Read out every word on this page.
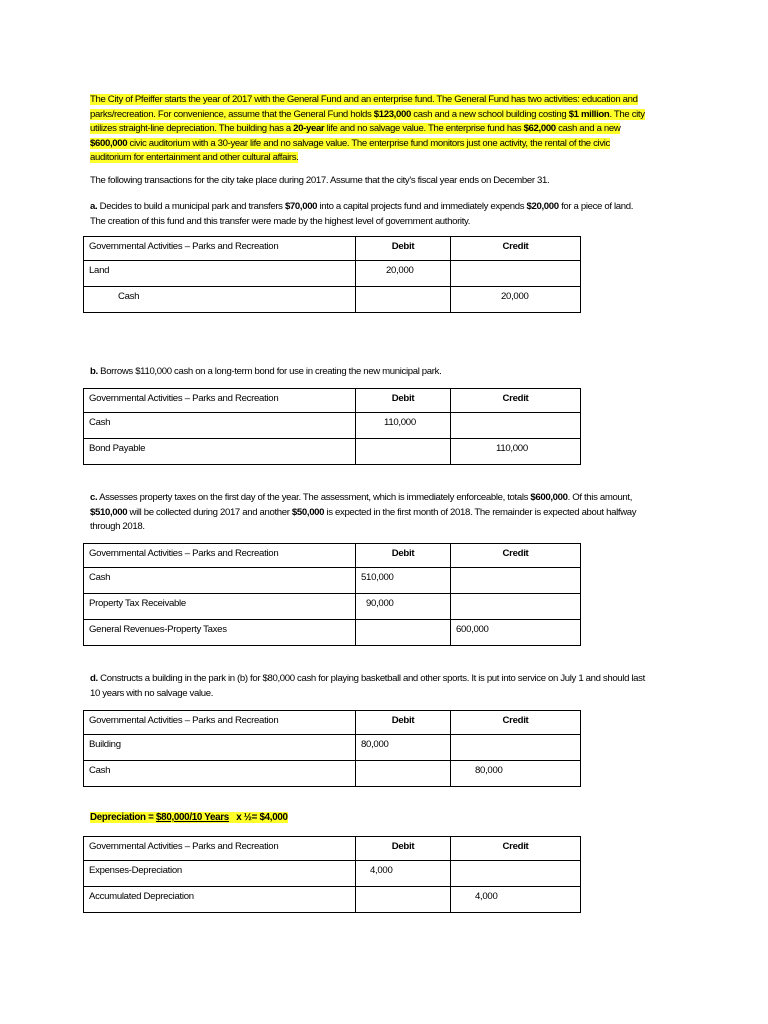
The City of Pfeiffer starts the year of 2017 with the General Fund and an enterprise fund. The General Fund has two activities: education and
parks/recreation. For convenience, assume that the General Fund holds $123,000 cash and a new school building costing $1 million. The city
utilizes straight-line depreciation. The building has a 20-year life and no salvage value. The enterprise fund has $62,000 cash and a new
$600,000 civic auditorium with a 30-year life and no salvage value. The enterprise fund monitors just one activity, the rental of the civic
auditorium for entertainment and other cultural affairs.
The following transactions for the city take place during 2017. Assume that the city's fiscal year ends on December 31.
a. Decides to build a municipal park and transfers $70,000 into a capital projects fund and immediately expends $20,000 for a piece of land.
The creation of this fund and this transfer were made by the highest level of government authority.
Governmental Activities – Parks and Recreation	Debit	Credit
Land	20,000	
Cash		20,000
b. Borrows $110,000 cash on a long-term bond for use in creating the new municipal park.
Governmental Activities – Parks and Recreation	Debit	Credit
Cash	110,000	
Bond Payable		110,000
c. Assesses property taxes on the first day of the year. The assessment, which is immediately enforceable, totals $600,000. Of this amount,
$510,000 will be collected during 2017 and another $50,000 is expected in the first month of 2018. The remainder is expected about halfway
through 2018.
Governmental Activities – Parks and Recreation	Debit	Credit
Cash	510,000	
Property Tax Receivable	90,000	
General Revenues-Property Taxes		600,000
d. Constructs a building in the park in (b) for $80,000 cash for playing basketball and other sports. It is put into service on July 1 and should last
10 years with no salvage value.
Governmental Activities – Parks and Recreation	Debit	Credit
Building	80,000	
Cash		80,000
Depreciation = $80,000/10 Years   x ½= $4,000
Governmental Activities – Parks and Recreation	Debit	Credit
Expenses-Depreciation	4,000	
Accumulated Depreciation		4,000
